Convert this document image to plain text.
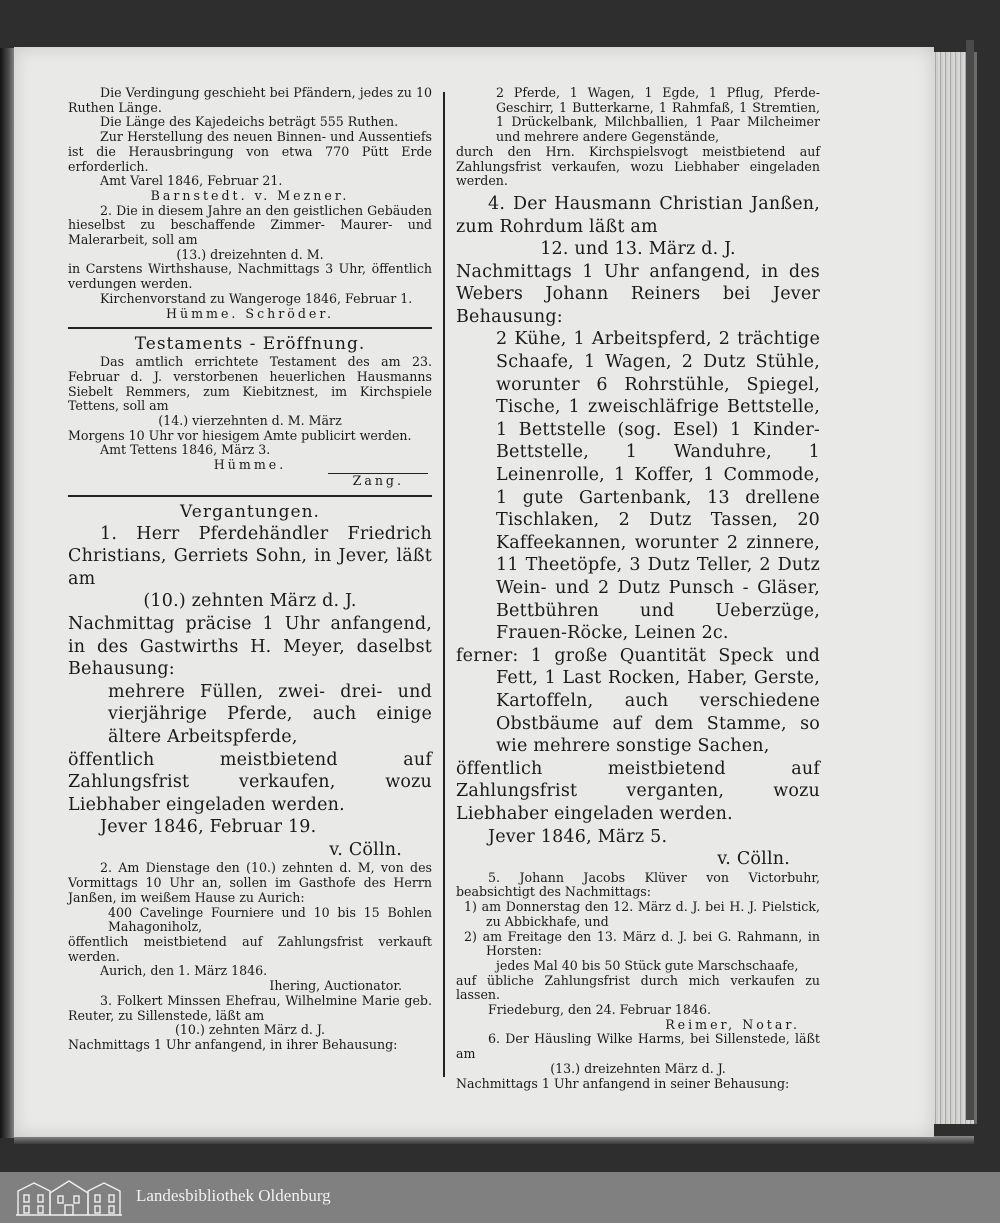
Die Verdingung geschieht bei Pfändern, jedes zu 10 Ruthen Länge.

Die Länge des Kajedeichs beträgt 555 Ruthen.

Zur Herstellung des neuen Binnen- und Aussentiefs ist die Herausbringung von etwa 770 Pütt Erde erforderlich.

Amt Varel 1846, Februar 21.

Barnstedt. v. Mezner.

2. Die in diesem Jahre an den geistlichen Gebäuden hieselbst zu beschaffende Zimmer- Maurer- und Malerarbeit, soll am

(13.) dreizehnten d. M.

in Carstens Wirthshause, Nachmittags 3 Uhr, öffentlich verdungen werden.

Kirchenvorstand zu Wangeroge 1846, Februar 1.

Hümme. Schröder.

Testaments - Eröffnung.

Das amtlich errichtete Testament des am 23. Februar d. J. verstorbenen heuerlichen Hausmanns Siebelt Remmers, zum Kiebitznest, im Kirchspiele Tettens, soll am

(14.) vierzehnten d. M. März

Morgens 10 Uhr vor hiesigem Amte publicirt werden.

Amt Tettens 1846, März 3.

Hümme.

Zang.

Vergantungen.

1. Herr Pferdehändler Friedrich Christians, Gerriets Sohn, in Jever, läßt am

(10.) zehnten März d. J.

Nachmittag präcise 1 Uhr anfangend, in des Gastwirths H. Meyer, daselbst Behausung:

mehrere Füllen, zwei- drei- und vierjährige Pferde, auch einige ältere Arbeitspferde,

öffentlich meistbietend auf Zahlungsfrist verkaufen, wozu Liebhaber eingeladen werden.

Jever 1846, Februar 19.

v. Cölln.

2. Am Dienstage den (10.) zehnten d. M, von des Vormittags 10 Uhr an, sollen im Gasthofe des Herrn Janßen, im weißem Hause zu Aurich:

400 Cavelinge Fourniere und 10 bis 15 Bohlen Mahagoniholz,

öffentlich meistbietend auf Zahlungsfrist verkauft werden.

Aurich, den 1. März 1846.

Ihering, Auctionator.

3. Folkert Minssen Ehefrau, Wilhelmine Marie geb. Reuter, zu Sillenstede, läßt am

(10.) zehnten März d. J.

Nachmittags 1 Uhr anfangend, in ihrer Behausung:

2 Pferde, 1 Wagen, 1 Egde, 1 Pflug, Pferde-Geschirr, 1 Butterkarne, 1 Rahmfaß, 1 Stremtien, 1 Drückelbank, Milchballien, 1 Paar Milcheimer und mehrere andere Gegenstände,

durch den Hrn. Kirchspielsvogt meistbietend auf Zahlungsfrist verkaufen, wozu Liebhaber eingeladen werden.

4. Der Hausmann Christian Janßen, zum Rohrdum läßt am

12. und 13. März d. J.

Nachmittags 1 Uhr anfangend, in des Webers Johann Reiners bei Jever Behausung:

2 Kühe, 1 Arbeitspferd, 2 trächtige Schaafe, 1 Wagen, 2 Dutz Stühle, worunter 6 Rohrstühle, Spiegel, Tische, 1 zweischläfrige Bettstelle, 1 Bettstelle (sog. Esel) 1 Kinder-Bettstelle, 1 Wanduhre, 1 Leinenrolle, 1 Koffer, 1 Commode, 1 gute Gartenbank, 13 drellene Tischlaken, 2 Dutz Tassen, 20 Kaffeekannen, worunter 2 zinnere, 11 Theetöpfe, 3 Dutz Teller, 2 Dutz Wein- und 2 Dutz Punsch - Gläser, Bettbühren und Ueberzüge, Frauen-Röcke, Leinen 2c.

ferner: 1 große Quantität Speck und Fett, 1 Last Rocken, Haber, Gerste, Kartoffeln, auch verschiedene Obstbäume auf dem Stamme, so wie mehrere sonstige Sachen,

öffentlich meistbietend auf Zahlungsfrist verganten, wozu Liebhaber eingeladen werden.

Jever 1846, März 5.

v. Cölln.

5. Johann Jacobs Klüver von Victorbuhr, beabsichtigt des Nachmittags:

1) am Donnerstag den 12. März d. J. bei H. J. Pielstick, zu Abbickhafe, und

2) am Freitage den 13. März d. J. bei G. Rahmann, in Horsten:

jedes Mal 40 bis 50 Stück gute Marschschaafe,

auf übliche Zahlungsfrist durch mich verkaufen zu lassen.

Friedeburg, den 24. Februar 1846.

Reimer, Notar.

6. Der Häusling Wilke Harms, bei Sillenstede, läßt am

(13.) dreizehnten März d. J.

Nachmittags 1 Uhr anfangend in seiner Behausung:

Landesbibliothek Oldenburg
